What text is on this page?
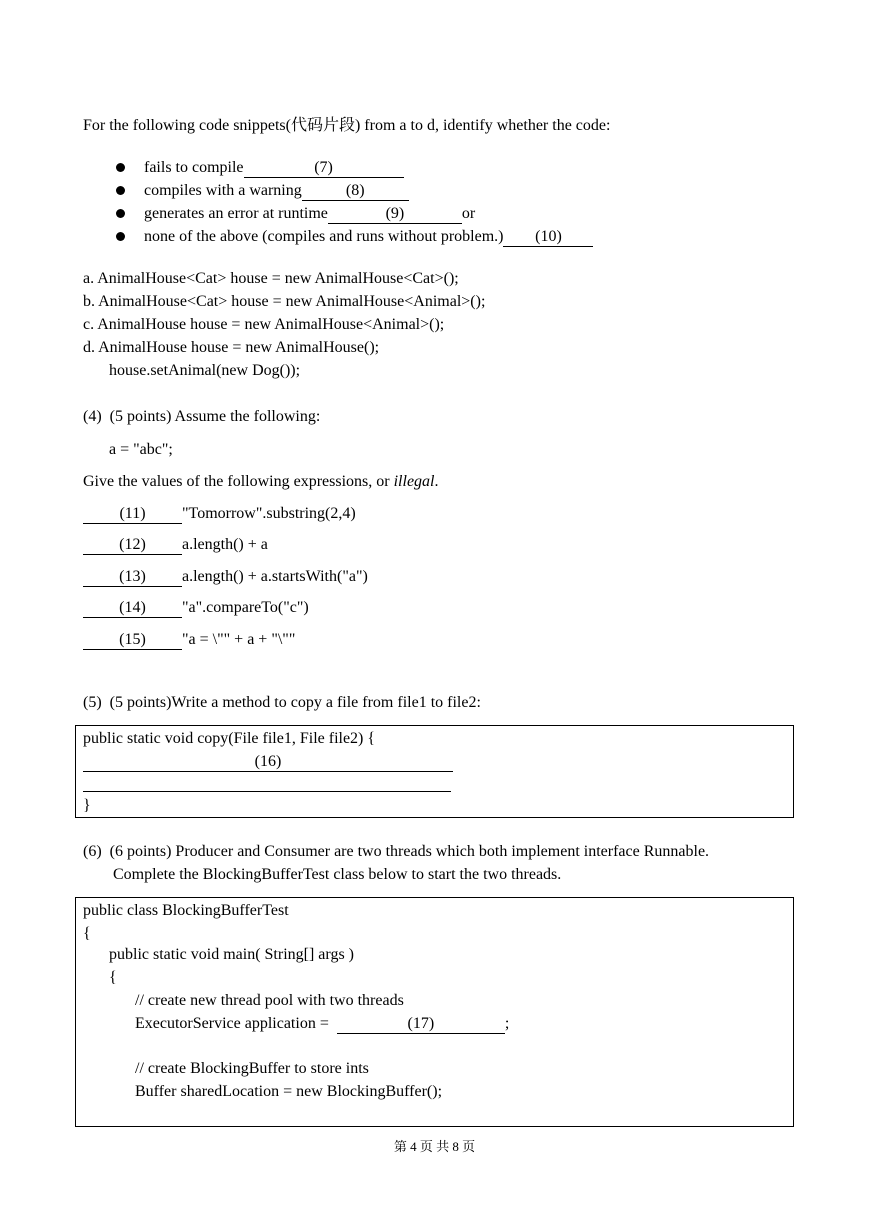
For the following code snippets(代码片段) from a to d, identify whether the code:
fails to compile	(7)
compiles with a warning	(8)
generates an error at runtime	(9)	or
none of the above (compiles and runs without problem.) (10)
a. AnimalHouse<Cat> house = new AnimalHouse<Cat>();
b. AnimalHouse<Cat> house = new AnimalHouse<Animal>();
c. AnimalHouse house = new AnimalHouse<Animal>();
d. AnimalHouse house = new AnimalHouse();
house.setAnimal(new Dog());
(4)  (5 points) Assume the following:
a = "abc";
Give the values of the following expressions, or illegal.
(11) "Tomorrow".substring(2,4)
(12) a.length() + a
(13) a.length() + a.startsWith("a")
(14) "a".compareTo("c")
(15) "a = \"" + a + "\""
(5)  (5 points)Write a method to copy a file from file1 to file2:
public static void copy(File file1, File file2) {
(16)
}
(6)  (6 points) Producer and Consumer are two threads which both implement interface Runnable.
Complete the BlockingBufferTest class below to start the two threads.
public class BlockingBufferTest
{
public static void main( String[] args )
{
// create new thread pool with two threads
ExecutorService application =	(17)	;
// create BlockingBuffer to store ints
Buffer sharedLocation = new BlockingBuffer();
第 4 页 共 8 页
